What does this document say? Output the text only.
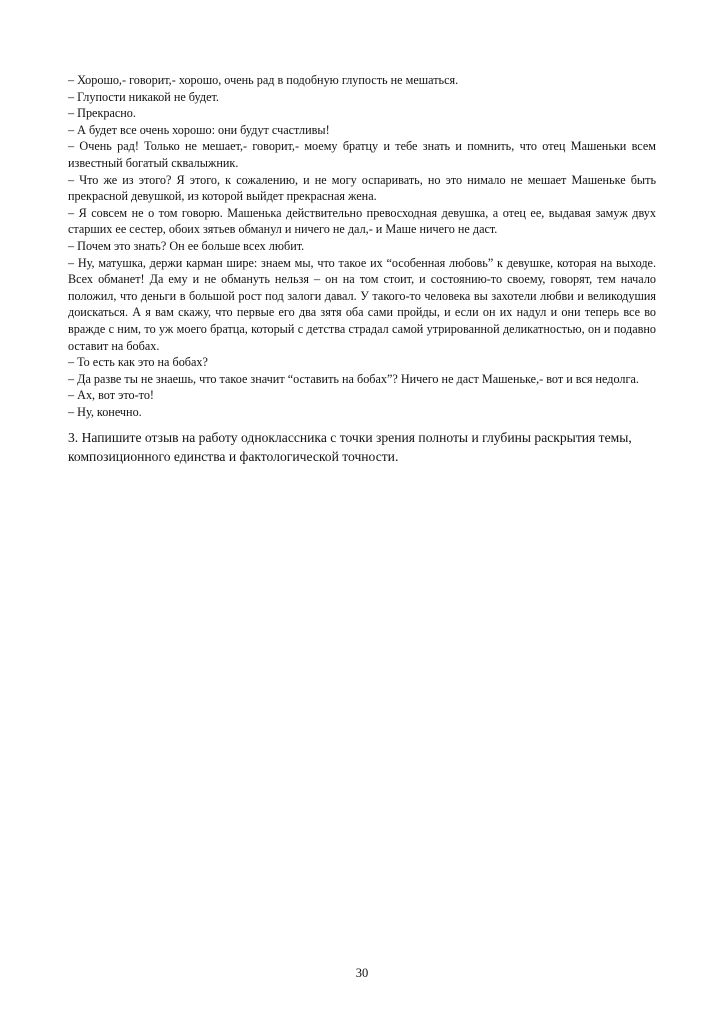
– Хорошо,- говорит,- хорошо, очень рад в подобную глупость не мешаться.

– Глупости никакой не будет.

– Прекрасно.

– А будет все очень хорошо: они будут счастливы!

– Очень рад! Только не мешает,- говорит,- моему братцу и тебе знать и помнить, что отец Машеньки всем известный богатый сквалыжник.

– Что же из этого? Я этого, к сожалению, и не могу оспаривать, но это нимало не мешает Машеньке быть прекрасной девушкой, из которой выйдет прекрасная жена.

– Я совсем не о том говорю. Машенька действительно превосходная девушка, а отец ее, выдавая замуж двух старших ее сестер, обоих зятьев обманул и ничего не дал,- и Маше ничего не даст.

– Почем это знать? Он ее больше всех любит.

– Ну, матушка, держи карман шире: знаем мы, что такое их “особенная любовь” к девушке, которая на выходе. Всех обманет! Да ему и не обмануть нельзя – он на том стоит, и состоянию-то своему, говорят, тем начало положил, что деньги в большой рост под залоги давал. У такого-то человека вы захотели любви и великодушия доискаться. А я вам скажу, что первые его два зятя оба сами пройды, и если он их надул и они теперь все во вражде с ним, то уж моего братца, который с детства страдал самой утрированной деликатностью, он и подавно оставит на бобах.

– То есть как это на бобах?

– Да разве ты не знаешь, что такое значит “оставить на бобах”? Ничего не даст Машеньке,- вот и вся недолга.

– Ах, вот это-то!

– Ну, конечно.

3. Напишите отзыв на работу одноклассника с точки зрения полноты и глубины раскрытия темы, композиционного единства и фактологической точности.

30
